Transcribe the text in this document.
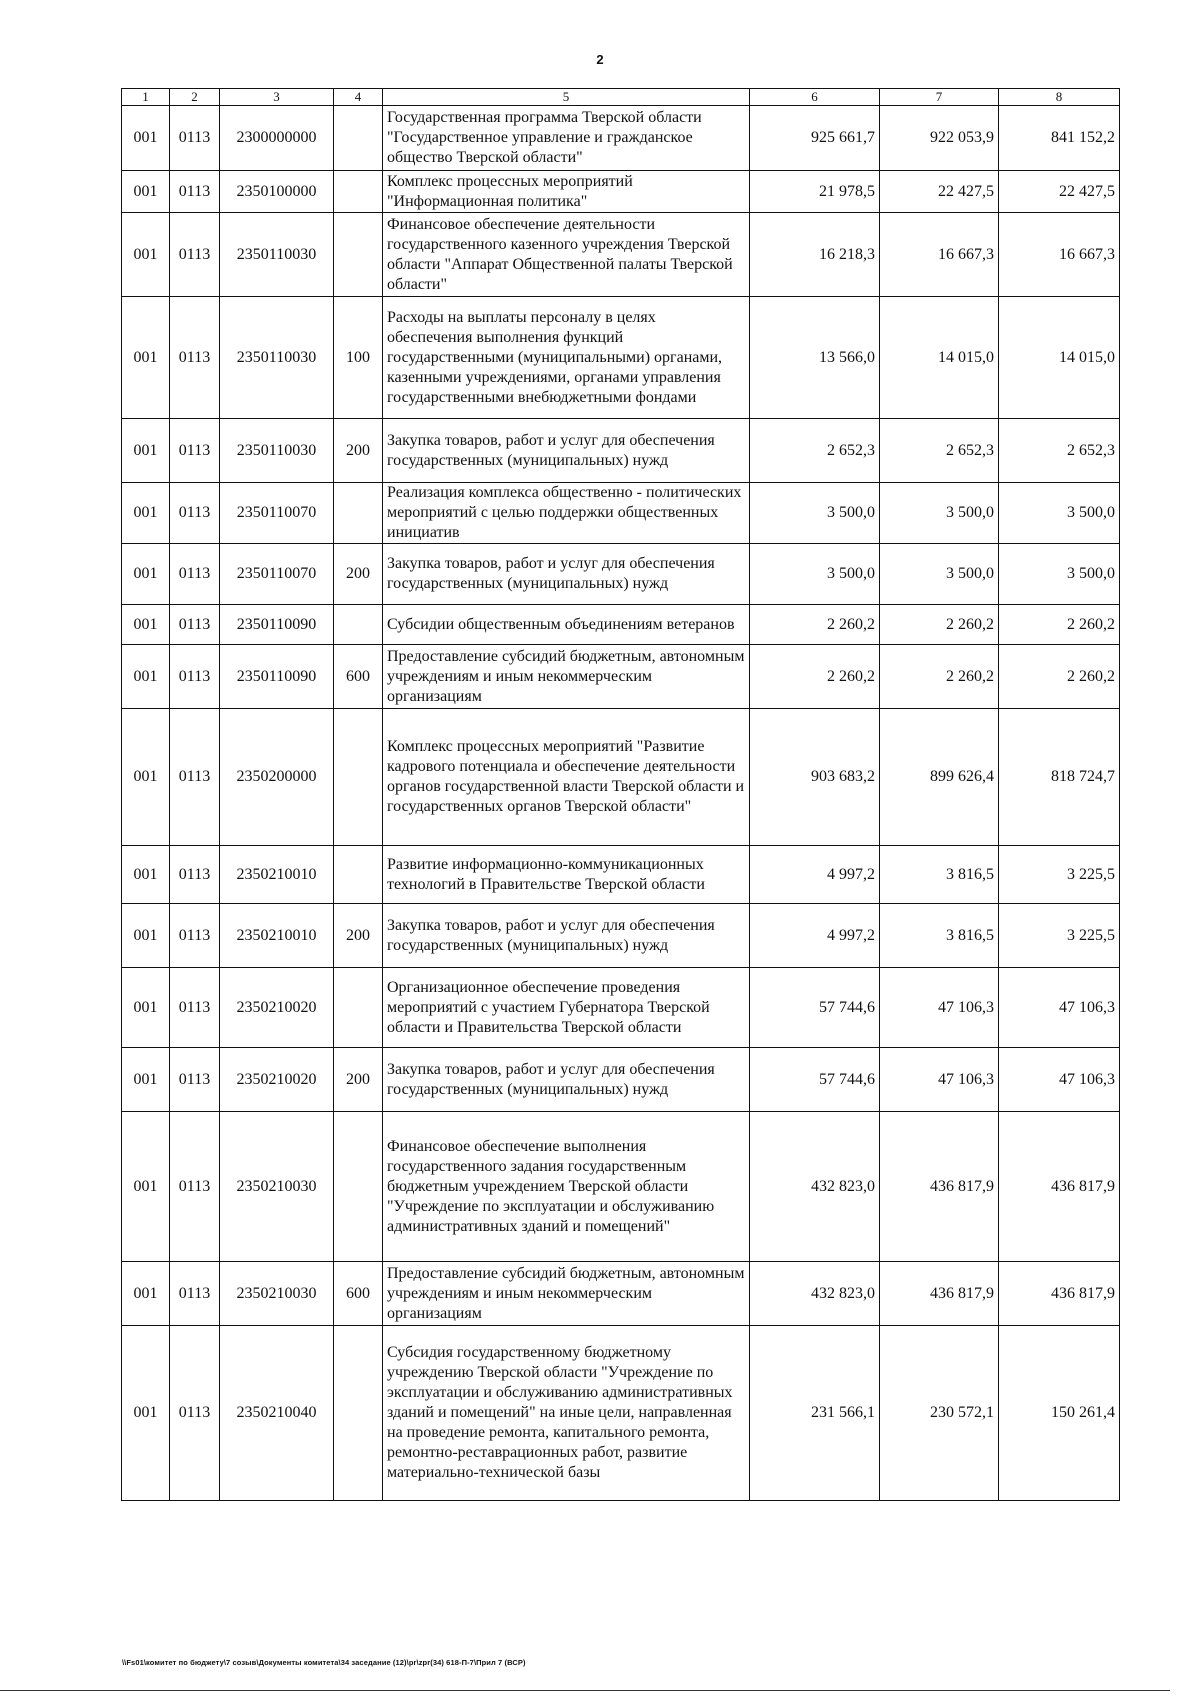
2
1	2	3	4	5	6	7	8
001	0113	2300000000		Государственная программа Тверской области "Государственное управление и гражданское общество Тверской области"	925 661,7	922 053,9	841 152,2
001	0113	2350100000		Комплекс процессных мероприятий "Информационная политика"	21 978,5	22 427,5	22 427,5
001	0113	2350110030		Финансовое обеспечение деятельности государственного казенного учреждения Тверской области "Аппарат Общественной палаты Тверской области"	16 218,3	16 667,3	16 667,3
001	0113	2350110030	100	Расходы на выплаты персоналу в целях обеспечения выполнения функций государственными (муниципальными) органами, казенными учреждениями, органами управления государственными внебюджетными фондами	13 566,0	14 015,0	14 015,0
001	0113	2350110030	200	Закупка товаров, работ и услуг для обеспечения государственных (муниципальных) нужд	2 652,3	2 652,3	2 652,3
001	0113	2350110070		Реализация комплекса общественно - политических мероприятий с целью поддержки общественных инициатив	3 500,0	3 500,0	3 500,0
001	0113	2350110070	200	Закупка товаров, работ и услуг для обеспечения государственных (муниципальных) нужд	3 500,0	3 500,0	3 500,0
001	0113	2350110090		Субсидии общественным объединениям ветеранов	2 260,2	2 260,2	2 260,2
001	0113	2350110090	600	Предоставление субсидий бюджетным, автономным учреждениям и иным некоммерческим организациям	2 260,2	2 260,2	2 260,2
001	0113	2350200000		Комплекс процессных мероприятий "Развитие кадрового потенциала и обеспечение деятельности органов государственной власти Тверской области и государственных органов Тверской области"	903 683,2	899 626,4	818 724,7
001	0113	2350210010		Развитие информационно-коммуникационных технологий в Правительстве Тверской области	4 997,2	3 816,5	3 225,5
001	0113	2350210010	200	Закупка товаров, работ и услуг для обеспечения государственных (муниципальных) нужд	4 997,2	3 816,5	3 225,5
001	0113	2350210020		Организационное обеспечение проведения мероприятий с участием Губернатора Тверской области и Правительства Тверской области	57 744,6	47 106,3	47 106,3
001	0113	2350210020	200	Закупка товаров, работ и услуг для обеспечения государственных (муниципальных) нужд	57 744,6	47 106,3	47 106,3
001	0113	2350210030		Финансовое обеспечение выполнения государственного задания государственным бюджетным учреждением Тверской области "Учреждение по эксплуатации и обслуживанию административных зданий и помещений"	432 823,0	436 817,9	436 817,9
001	0113	2350210030	600	Предоставление субсидий бюджетным, автономным учреждениям и иным некоммерческим организациям	432 823,0	436 817,9	436 817,9
001	0113	2350210040		Субсидия государственному бюджетному учреждению Тверской области "Учреждение по эксплуатации и обслуживанию административных зданий и помещений" на иные цели, направленная на проведение ремонта, капитального ремонта, ремонтно-реставрационных работ, развитие материально-технической базы	231 566,1	230 572,1	150 261,4
\\Fs01\комитет по бюджету\7 созыв\Документы комитета\34 заседание (12)\pr\zpr(34) 618-П-7\Прил 7 (ВСР)
